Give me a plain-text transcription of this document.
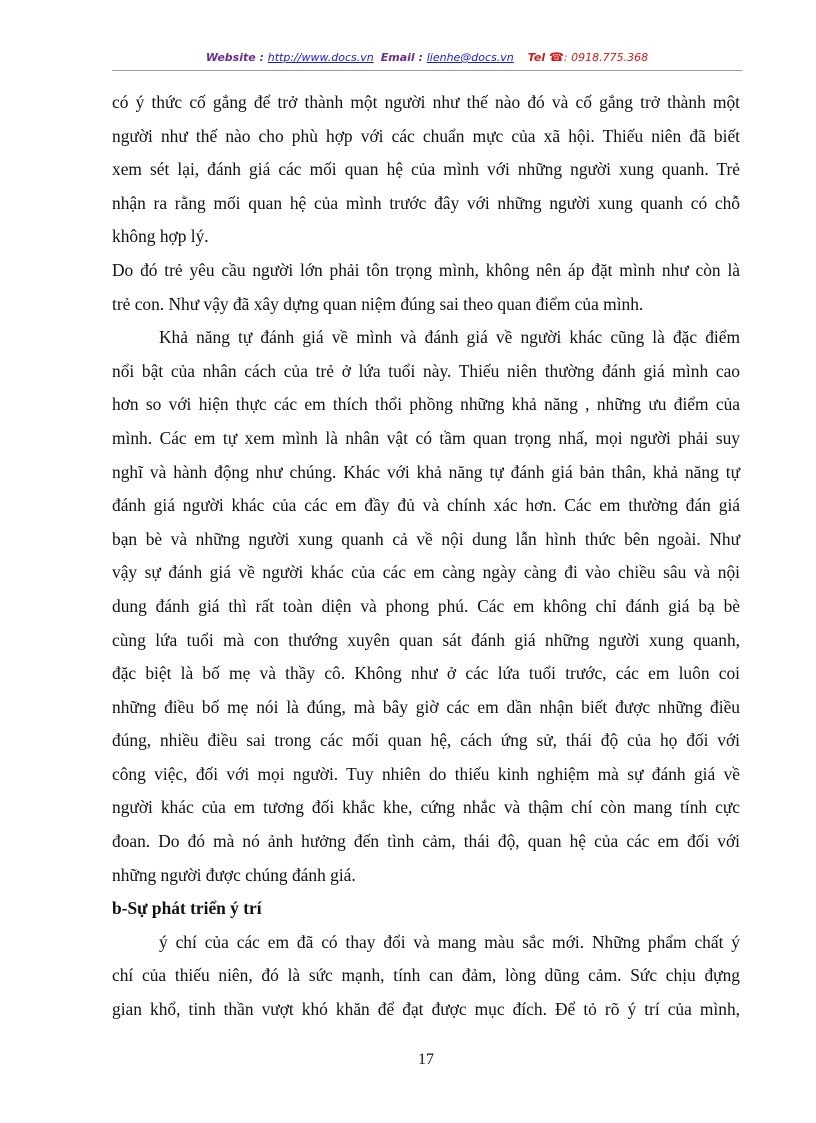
Website : http://www.docs.vn Email : lienhe@docs.vn Tel ☎: 0918.775.368
có ý thức cố gắng để trở thành một người như thế nào đó và cố gắng trở thành một
người như thế nào cho phù hợp với các chuẩn mực của xã hội. Thiếu niên đã biết
xem sét lại, đánh giá các mối quan hệ của mình với những người xung quanh. Trẻ
nhận ra rằng mối quan hệ của mình trước đây với những người xung quanh có chỗ
không hợp lý.
Do đó trẻ yêu cầu người lớn phải tôn trọng mình, không nên áp đặt mình như còn là
trẻ con. Như vậy đã xây dựng quan niệm đúng sai theo quan điểm của mình.
Khả năng tự đánh giá về mình và đánh giá về người khác cũng là đặc điểm
nổi bật của nhân cách của trẻ ở lứa tuổi này. Thiếu niên thường đánh giá mình cao
hơn so với hiện thực các em thích thổi phồng những khả năng , những ưu điểm của
mình. Các em tự xem mình là nhân vật có tầm quan trọng nhấ, mọi người phải suy
nghĩ và hành động như chúng. Khác với khả năng tự đánh giá bản thân, khả năng tự
đánh giá người khác của các em đầy đủ và chính xác hơn. Các em thường đán giá
bạn bè và những người xung quanh cả về nội dung lẫn hình thức bên ngoài. Như
vậy sự đánh giá về người khác của các em càng ngày càng đi vào chiều sâu và nội
dung đánh giá thì rất toàn diện và phong phú. Các em không chỉ đánh giá bạ bè
cùng lứa tuổi mà con thướng xuyên quan sát đánh giá những người xung quanh,
đặc biệt là bố mẹ và thầy cô. Không như ở các lứa tuổi trước, các em luôn coi
những điều bố mẹ nói là đúng, mà bây giờ các em dần nhận biết được những điều
đúng, nhiều điều sai trong các mối quan hệ, cách ứng sử, thái độ của họ đối với
công việc, đối với mọi người. Tuy nhiên do thiếu kinh nghiệm mà sự đánh giá về
người khác của em tương đối khắc khe, cứng nhắc và thậm chí còn mang tính cực
đoan. Do đó mà nó ảnh hưởng đến tình cảm, thái độ, quan hệ của các em đối với
những người được chúng đánh giá.
b-Sự phát triển ý trí
ý chí của các em đã có thay đổi và mang màu sắc mới. Những phẩm chất ý
chí của thiếu niên, đó là sức mạnh, tính can đảm, lòng dũng cảm. Sức chịu đựng
gian khổ, tinh thần vượt khó khăn để đạt được mục đích. Để tỏ rõ ý trí của mình,
17
